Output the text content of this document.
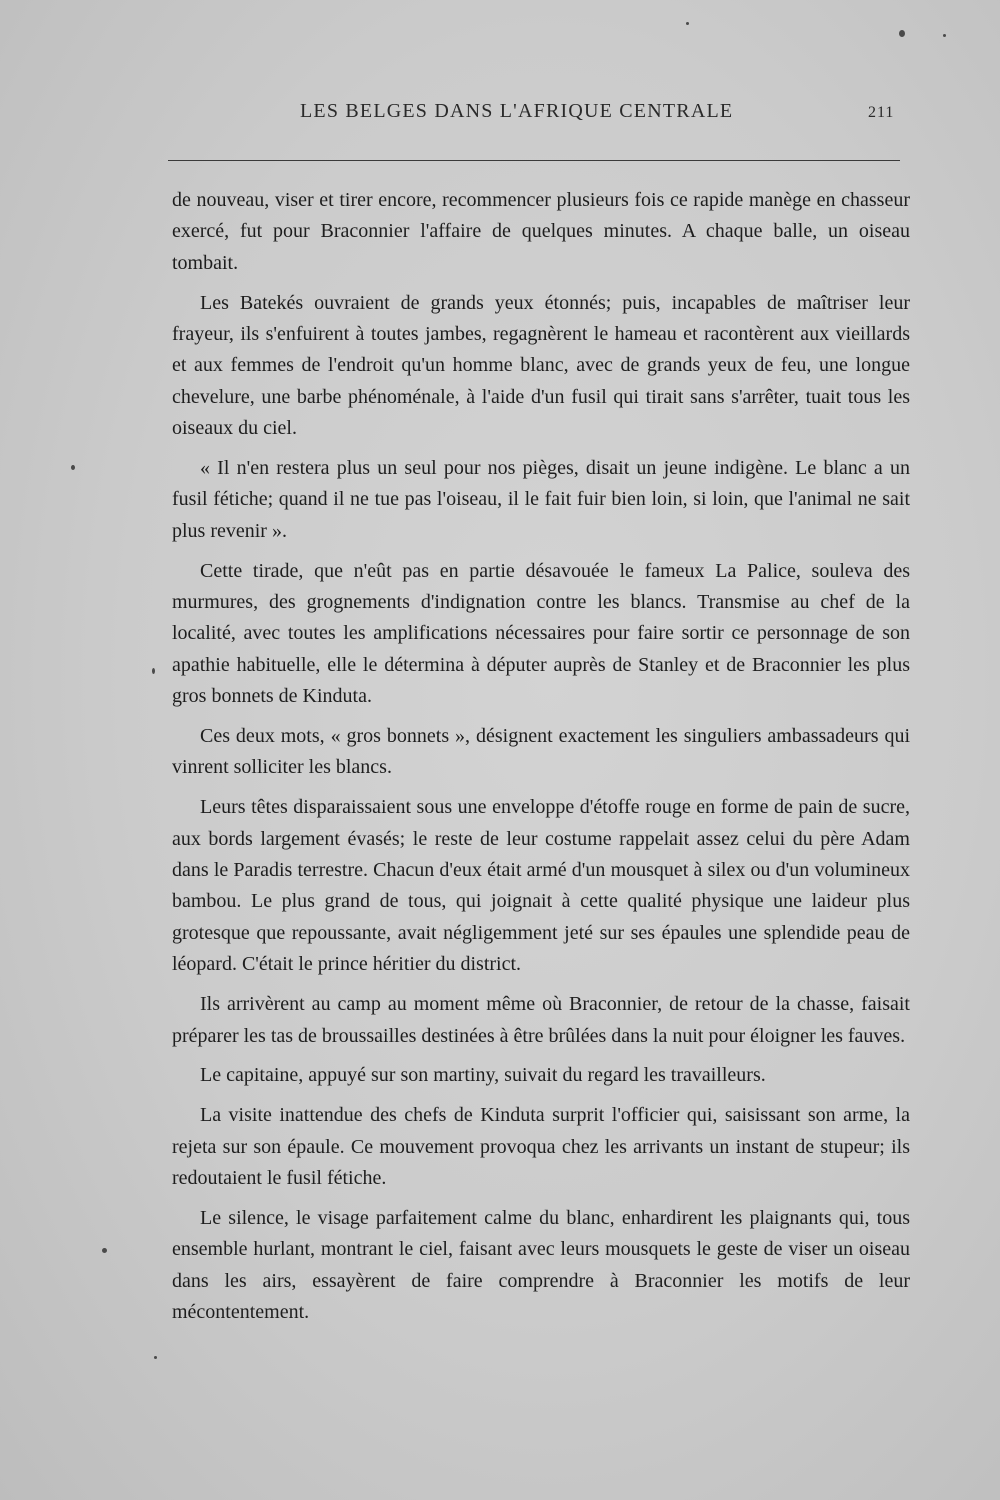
LES BELGES DANS L'AFRIQUE CENTRALE	211

de nouveau, viser et tirer encore, recommencer plusieurs fois ce rapide manège en chasseur exercé, fut pour Braconnier l'affaire de quelques minutes. A chaque balle, un oiseau tombait.

Les Batekés ouvraient de grands yeux étonnés; puis, incapables de maîtriser leur frayeur, ils s'enfuirent à toutes jambes, regagnèrent le hameau et racontèrent aux vieillards et aux femmes de l'endroit qu'un homme blanc, avec de grands yeux de feu, une longue chevelure, une barbe phénoménale, à l'aide d'un fusil qui tirait sans s'arrêter, tuait tous les oiseaux du ciel.

« Il n'en restera plus un seul pour nos pièges, disait un jeune indigène. Le blanc a un fusil fétiche; quand il ne tue pas l'oiseau, il le fait fuir bien loin, si loin, que l'animal ne sait plus revenir ».

Cette tirade, que n'eût pas en partie désavouée le fameux La Palice, souleva des murmures, des grognements d'indignation contre les blancs. Transmise au chef de la localité, avec toutes les amplifications nécessaires pour faire sortir ce personnage de son apathie habituelle, elle le détermina à députer auprès de Stanley et de Braconnier les plus gros bonnets de Kinduta.

Ces deux mots, « gros bonnets », désignent exactement les singuliers ambassadeurs qui vinrent solliciter les blancs.

Leurs têtes disparaissaient sous une enveloppe d'étoffe rouge en forme de pain de sucre, aux bords largement évasés; le reste de leur costume rappelait assez celui du père Adam dans le Paradis terrestre. Chacun d'eux était armé d'un mousquet à silex ou d'un volumineux bambou. Le plus grand de tous, qui joignait à cette qualité physique une laideur plus grotesque que repoussante, avait négligemment jeté sur ses épaules une splendide peau de léopard. C'était le prince héritier du district.

Ils arrivèrent au camp au moment même où Braconnier, de retour de la chasse, faisait préparer les tas de broussailles destinées à être brûlées dans la nuit pour éloigner les fauves.

Le capitaine, appuyé sur son martiny, suivait du regard les travailleurs.

La visite inattendue des chefs de Kinduta surprit l'officier qui, saisissant son arme, la rejeta sur son épaule. Ce mouvement provoqua chez les arrivants un instant de stupeur; ils redoutaient le fusil fétiche.

Le silence, le visage parfaitement calme du blanc, enhardirent les plaignants qui, tous ensemble hurlant, montrant le ciel, faisant avec leurs mousquets le geste de viser un oiseau dans les airs, essayèrent de faire comprendre à Braconnier les motifs de leur mécontentement.
